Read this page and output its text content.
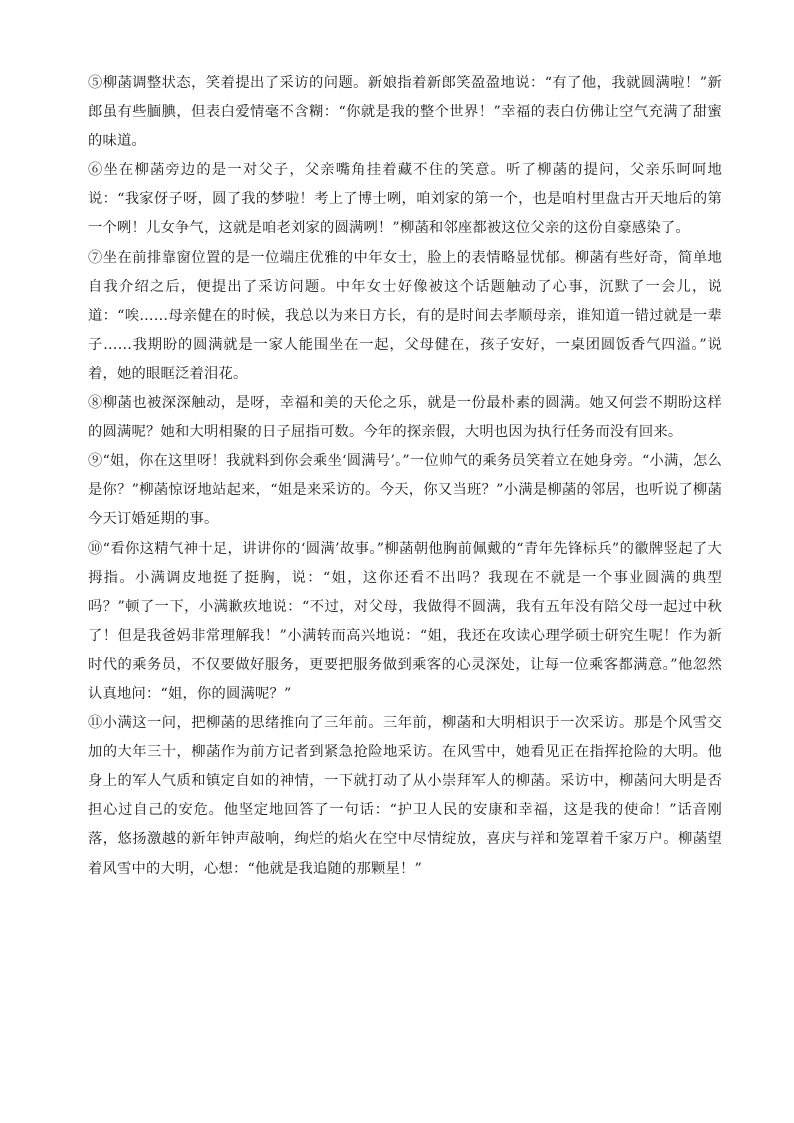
⑤柳菡调整状态，笑着提出了采访的问题。新娘指着新郎笑盈盈地说：“有了他，我就圆满啦！”新郎虽有些腼腆，但表白爱情毫不含糊：“你就是我的整个世界！”幸福的表白仿佛让空气充满了甜蜜的味道。

⑥坐在柳菡旁边的是一对父子，父亲嘴角挂着藏不住的笑意。听了柳菡的提问，父亲乐呵呵地说：“我家伢子呀，圆了我的梦啦！考上了博士咧，咱刘家的第一个，也是咱村里盘古开天地后的第一个咧！儿女争气，这就是咱老刘家的圆满咧！”柳菡和邻座都被这位父亲的这份自豪感染了。

⑦坐在前排靠窗位置的是一位端庄优雅的中年女士，脸上的表情略显忧郁。柳菡有些好奇，简单地自我介绍之后，便提出了采访问题。中年女士好像被这个话题触动了心事，沉默了一会儿，说道：“唉……母亲健在的时候，我总以为来日方长，有的是时间去孝顺母亲，谁知道一错过就是一辈子……我期盼的圆满就是一家人能围坐在一起，父母健在，孩子安好，一桌团圆饭香气四溢。”说着，她的眼眶泛着泪花。

⑧柳菡也被深深触动，是呀，幸福和美的天伦之乐，就是一份最朴素的圆满。她又何尝不期盼这样的圆满呢？她和大明相聚的日子屈指可数。今年的探亲假，大明也因为执行任务而没有回来。

⑨“姐，你在这里呀！我就料到你会乘坐‘圆满号’。”一位帅气的乘务员笑着立在她身旁。“小满，怎么是你？”柳菡惊讶地站起来，“姐是来采访的。今天，你又当班？”小满是柳菡的邻居，也听说了柳菡今天订婚延期的事。

⑩“看你这精气神十足，讲讲你的‘圆满’故事。”柳菡朝他胸前佩戴的“青年先锋标兵”的徽牌竖起了大拇指。小满调皮地挺了挺胸，说：“姐，这你还看不出吗？我现在不就是一个事业圆满的典型吗？”顿了一下，小满歉疚地说：“不过，对父母，我做得不圆满，我有五年没有陪父母一起过中秋了！但是我爸妈非常理解我！”小满转而高兴地说：“姐，我还在攻读心理学硕士研究生呢！作为新时代的乘务员，不仅要做好服务，更要把服务做到乘客的心灵深处，让每一位乘客都满意。”他忽然认真地问：“姐，你的圆满呢？”

⑪小满这一问，把柳菡的思绪推向了三年前。三年前，柳菡和大明相识于一次采访。那是个风雪交加的大年三十，柳菡作为前方记者到紧急抢险地采访。在风雪中，她看见正在指挥抢险的大明。他身上的军人气质和镇定自如的神情，一下就打动了从小崇拜军人的柳菡。采访中，柳菡问大明是否担心过自己的安危。他坚定地回答了一句话：“护卫人民的安康和幸福，这是我的使命！”话音刚落，悠扬激越的新年钟声敲响，绚烂的焰火在空中尽情绽放，喜庆与祥和笼罩着千家万户。柳菡望着风雪中的大明，心想：“他就是我追随的那颗星！”
